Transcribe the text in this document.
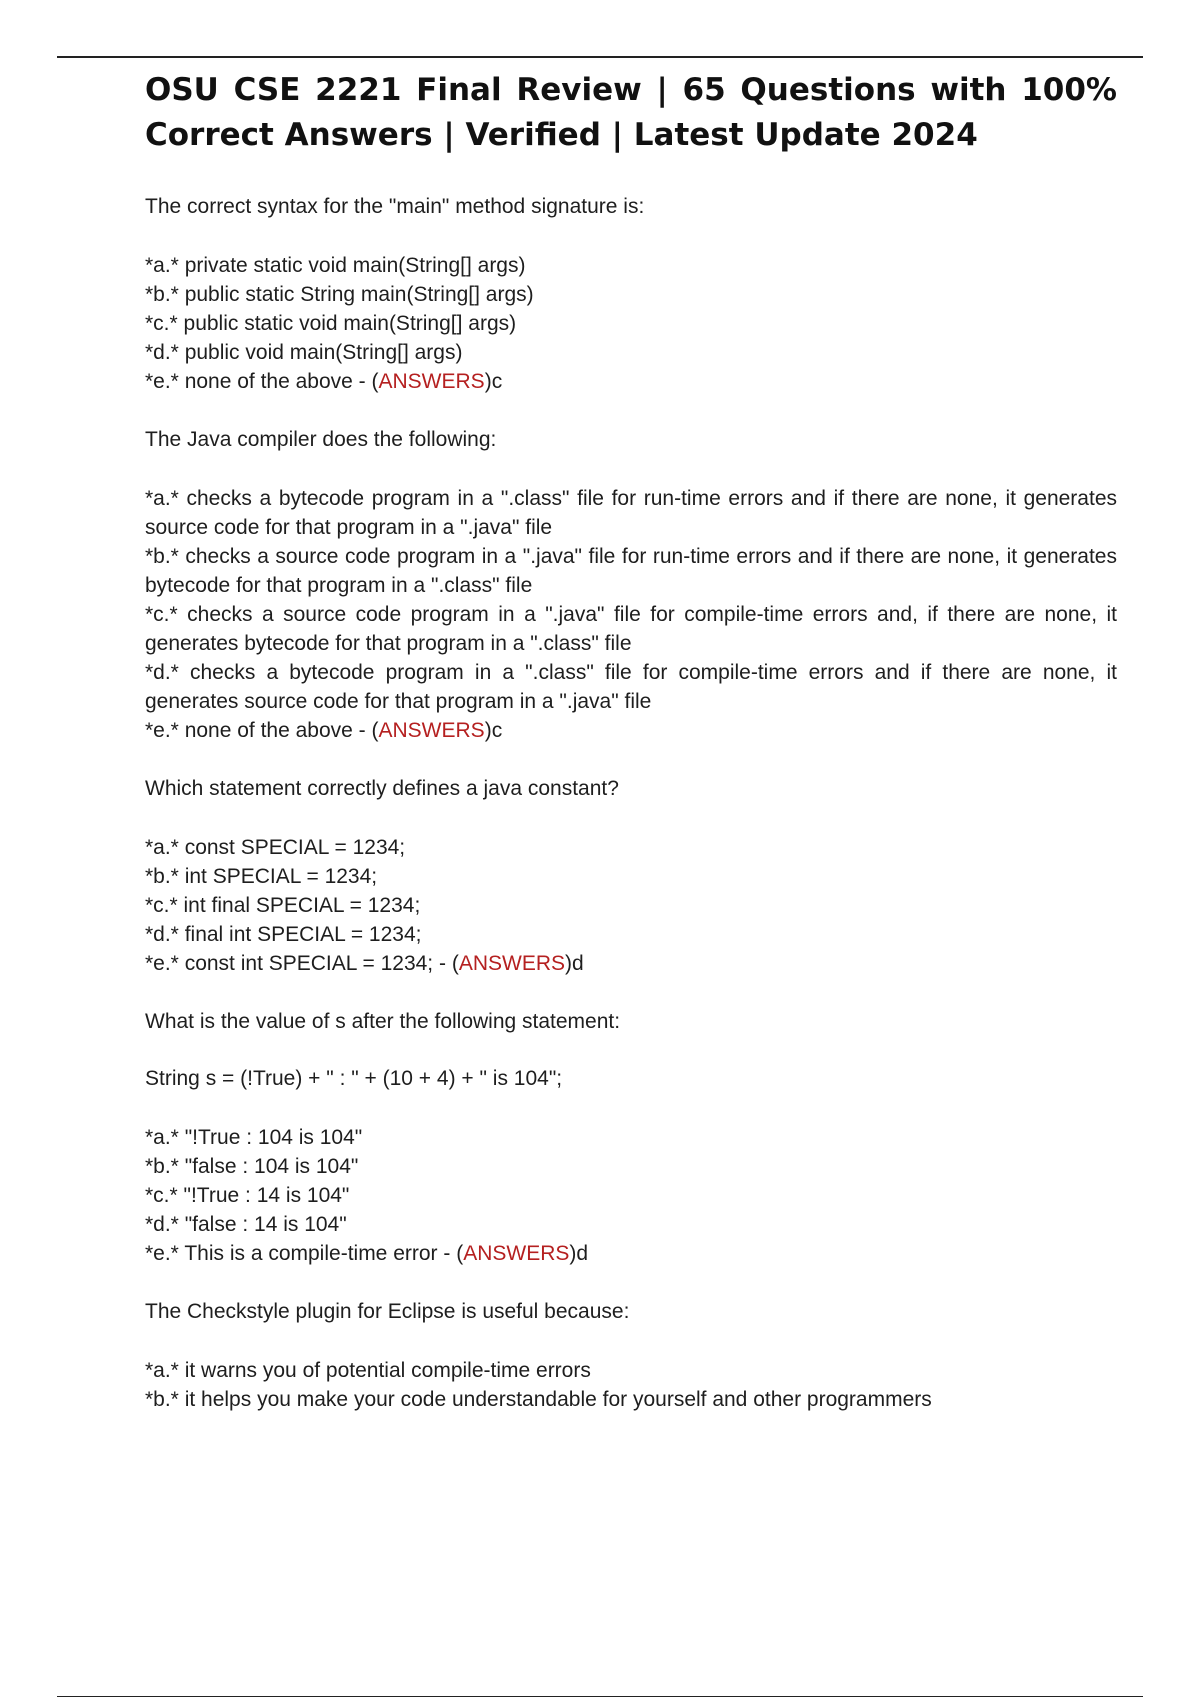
OSU CSE 2221 Final Review | 65 Questions with 100% Correct Answers | Verified | Latest Update 2024
The correct syntax for the "main" method signature is:
*a.* private static void main(String[] args)
*b.* public static String main(String[] args)
*c.* public static void main(String[] args)
*d.* public void main(String[] args)
*e.* none of the above - (ANSWERS)c
The Java compiler does the following:
*a.* checks a bytecode program in a ".class" file for run-time errors and if there are none, it generates source code for that program in a ".java" file
*b.* checks a source code program in a ".java" file for run-time errors and if there are none, it generates bytecode for that program in a ".class" file
*c.* checks a source code program in a ".java" file for compile-time errors and, if there are none, it generates bytecode for that program in a ".class" file
*d.* checks a bytecode program in a ".class" file for compile-time errors and if there are none, it generates source code for that program in a ".java" file
*e.* none of the above - (ANSWERS)c
Which statement correctly defines a java constant?
*a.* const SPECIAL = 1234;
*b.* int SPECIAL = 1234;
*c.* int final SPECIAL = 1234;
*d.* final int SPECIAL = 1234;
*e.* const int SPECIAL = 1234; - (ANSWERS)d
What is the value of s after the following statement:
String s = (!True) + " : " + (10 + 4) + " is 104";
*a.* "!True : 104 is 104"
*b.* "false : 104 is 104"
*c.* "!True : 14 is 104"
*d.* "false : 14 is 104"
*e.* This is a compile-time error - (ANSWERS)d
The Checkstyle plugin for Eclipse is useful because:
*a.* it warns you of potential compile-time errors
*b.* it helps you make your code understandable for yourself and other programmers
